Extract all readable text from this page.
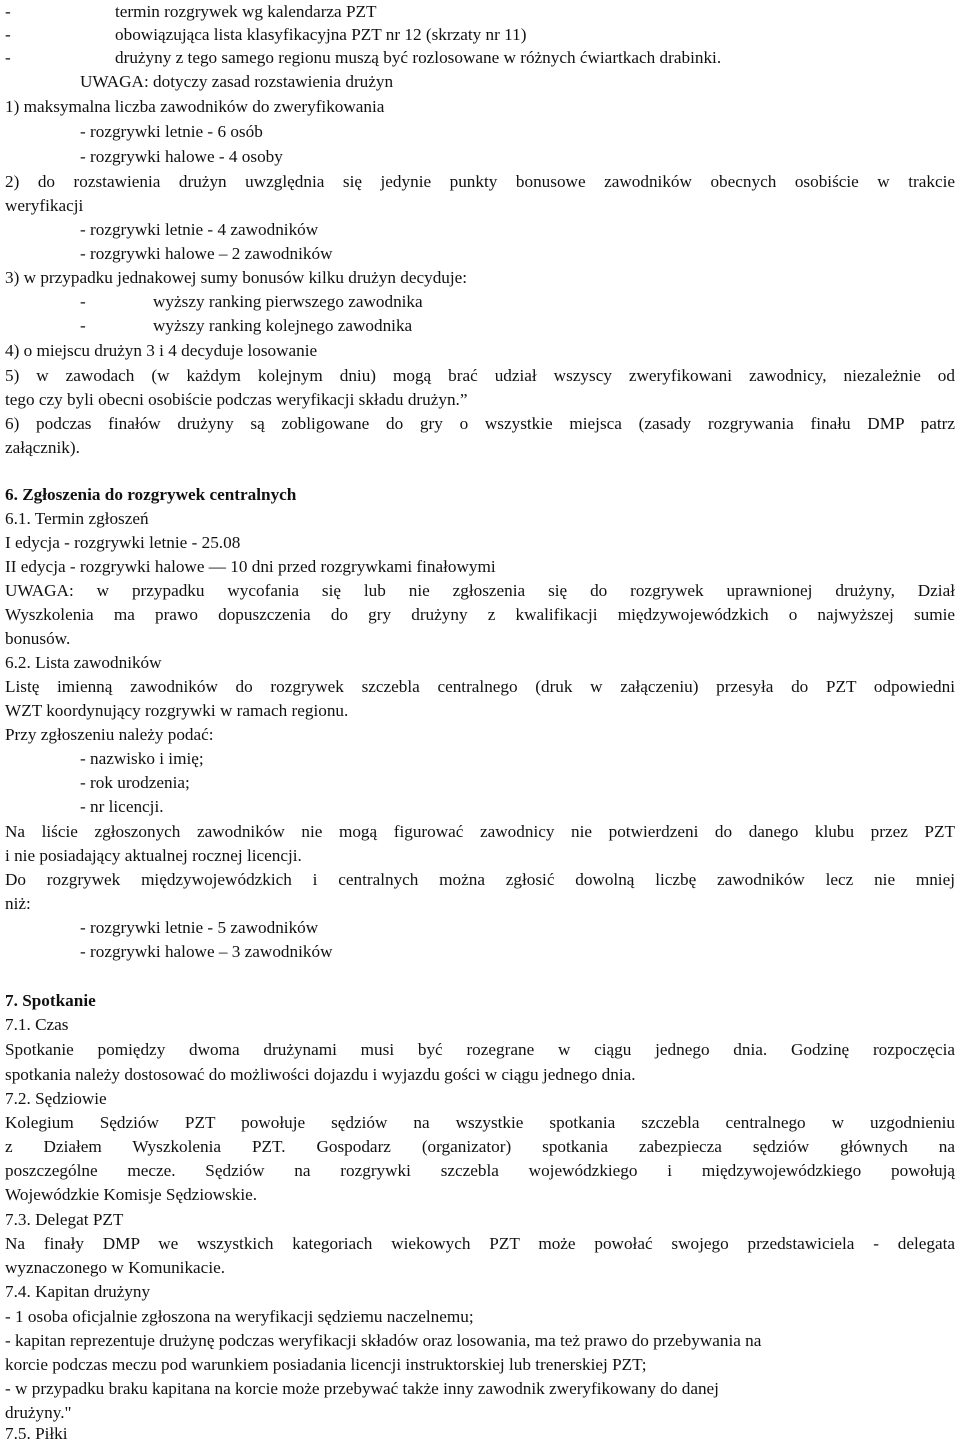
-	termin rozgrywek wg kalendarza PZT
-	obowiązująca lista klasyfikacyjna PZT nr 12 (skrzaty nr 11)
-	drużyny z tego samego regionu muszą być rozlosowane w różnych ćwiartkach drabinki.
UWAGA: dotyczy zasad rozstawienia drużyn
1) maksymalna liczba zawodników do zweryfikowania
- rozgrywki letnie - 6 osób
- rozgrywki halowe - 4 osoby
2) do rozstawienia drużyn uwzględnia się jedynie punkty bonusowe zawodników obecnych osobiście w trakcie
weryfikacji
- rozgrywki letnie - 4 zawodników
- rozgrywki halowe – 2 zawodników
3) w przypadku jednakowej sumy bonusów kilku drużyn decyduje:
-	wyższy ranking pierwszego zawodnika
-	wyższy ranking kolejnego zawodnika
4) o miejscu drużyn 3 i 4 decyduje losowanie
5) w zawodach (w każdym kolejnym dniu) mogą brać udział wszyscy zweryfikowani zawodnicy, niezależnie od
tego czy byli obecni osobiście podczas weryfikacji składu drużyn.”
6) podczas finałów drużyny są zobligowane do gry o wszystkie miejsca (zasady rozgrywania finału DMP patrz
załącznik).
6. Zgłoszenia do rozgrywek centralnych
6.1. Termin zgłoszeń
I edycja - rozgrywki letnie - 25.08
II edycja - rozgrywki halowe — 10 dni przed rozgrywkami finałowymi
UWAGA: w przypadku wycofania się lub nie zgłoszenia się do rozgrywek uprawnionej drużyny, Dział
Wyszkolenia ma prawo dopuszczenia do gry drużyny z kwalifikacji międzywojewódzkich o najwyższej sumie
bonusów.
6.2. Lista zawodników
Listę imienną zawodników do rozgrywek szczebla centralnego (druk w załączeniu) przesyła do PZT odpowiedni
WZT koordynujący rozgrywki w ramach regionu.
Przy zgłoszeniu należy podać:
- nazwisko i imię;
- rok urodzenia;
- nr licencji.
Na liście zgłoszonych zawodników nie mogą figurować zawodnicy nie potwierdzeni do danego klubu przez PZT
i nie posiadający aktualnej rocznej licencji.
Do rozgrywek międzywojewódzkich i centralnych można zgłosić dowolną liczbę zawodników lecz nie mniej
niż:
- rozgrywki letnie - 5 zawodników
- rozgrywki halowe – 3 zawodników
7. Spotkanie
7.1. Czas
Spotkanie pomiędzy dwoma drużynami musi być rozegrane w ciągu jednego dnia. Godzinę rozpoczęcia
spotkania należy dostosować do możliwości dojazdu i wyjazdu gości w ciągu jednego dnia.
7.2. Sędziowie
Kolegium Sędziów PZT powołuje sędziów na wszystkie spotkania szczebla centralnego w uzgodnieniu
z Działem Wyszkolenia PZT. Gospodarz (organizator) spotkania zabezpiecza sędziów głównych na
poszczególne mecze. Sędziów na rozgrywki szczebla wojewódzkiego i międzywojewódzkiego powołują
Wojewódzkie Komisje Sędziowskie.
7.3. Delegat PZT
Na finały DMP we wszystkich kategoriach wiekowych PZT może powołać swojego przedstawiciela - delegata
wyznaczonego w Komunikacie.
7.4. Kapitan drużyny
- 1 osoba oficjalnie zgłoszona na weryfikacji sędziemu naczelnemu;
- kapitan reprezentuje drużynę podczas weryfikacji składów oraz losowania, ma też prawo do przebywania na
korcie podczas meczu pod warunkiem posiadania licencji instruktorskiej lub trenerskiej PZT;
- w przypadku braku kapitana na korcie może przebywać także inny zawodnik zweryfikowany do danej
drużyny."
7.5. Piłki
